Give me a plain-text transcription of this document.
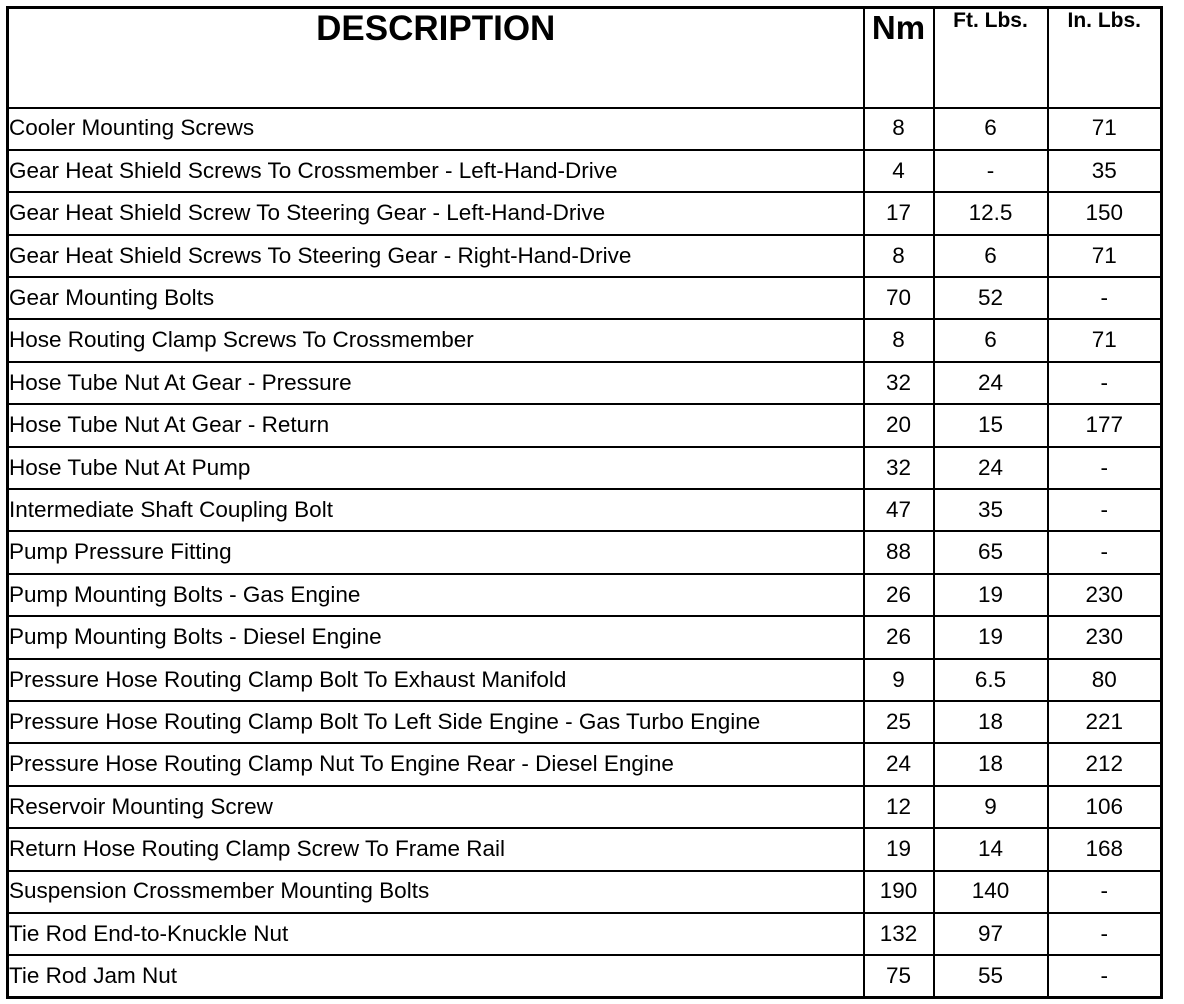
DESCRIPTION	Nm	Ft. Lbs.	In. Lbs.
Cooler Mounting Screws	8	6	71
Gear Heat Shield Screws To Crossmember - Left-Hand-Drive	4	-	35
Gear Heat Shield Screw To Steering Gear - Left-Hand-Drive	17	12.5	150
Gear Heat Shield Screws To Steering Gear - Right-Hand-Drive	8	6	71
Gear Mounting Bolts	70	52	-
Hose Routing Clamp Screws To Crossmember	8	6	71
Hose Tube Nut At Gear - Pressure	32	24	-
Hose Tube Nut At Gear - Return	20	15	177
Hose Tube Nut At Pump	32	24	-
Intermediate Shaft Coupling Bolt	47	35	-
Pump Pressure Fitting	88	65	-
Pump Mounting Bolts - Gas Engine	26	19	230
Pump Mounting Bolts - Diesel Engine	26	19	230
Pressure Hose Routing Clamp Bolt To Exhaust Manifold	9	6.5	80
Pressure Hose Routing Clamp Bolt To Left Side Engine - Gas Turbo Engine	25	18	221
Pressure Hose Routing Clamp Nut To Engine Rear - Diesel Engine	24	18	212
Reservoir Mounting Screw	12	9	106
Return Hose Routing Clamp Screw To Frame Rail	19	14	168
Suspension Crossmember Mounting Bolts	190	140	-
Tie Rod End-to-Knuckle Nut	132	97	-
Tie Rod Jam Nut	75	55	-
